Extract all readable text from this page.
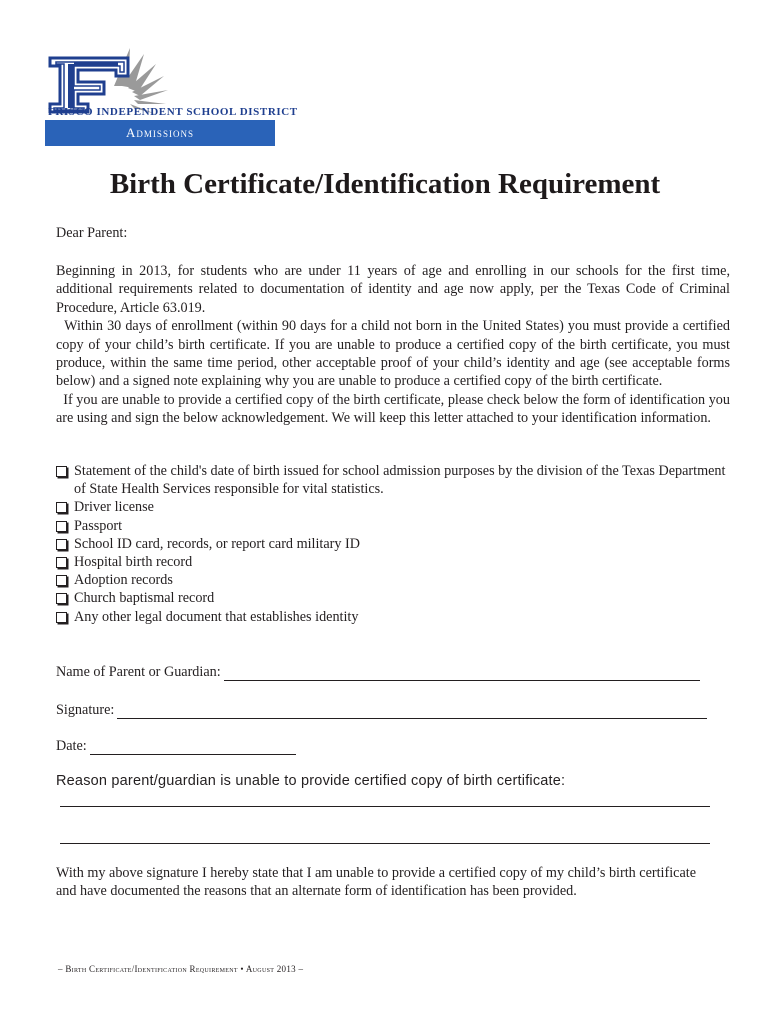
FRISCO INDEPENDENT SCHOOL DISTRICT
Admissions
Birth Certificate/Identification Requirement
Dear Parent:

Beginning in 2013, for students who are under 11 years of age and enrolling in our schools for the first time, additional requirements related to documentation of identity and age now apply, per the Texas Code of Criminal Procedure, Article 63.019.

Within 30 days of enrollment (within 90 days for a child not born in the United States) you must provide a certified copy of your child’s birth certificate. If you are unable to produce a certified copy of the birth certificate, you must produce, within the same time period, other acceptable proof of your child’s identity and age (see acceptable forms below) and a signed note explaining why you are unable to produce a certified copy of the birth certificate.

If you are unable to provide a certified copy of the birth certificate, please check below the form of identification you are using and sign the below acknowledgement. We will keep this letter attached to your identification information.

Statement of the child's date of birth issued for school admission purposes by the division of the Texas Department of State Health Services responsible for vital statistics.
Driver license
Passport
School ID card, records, or report card military ID
Hospital birth record
Adoption records
Church baptismal record
Any other legal document that establishes identity
Name of Parent or Guardian:
Signature:
Date:
Reason parent/guardian is unable to provide certified copy of birth certificate:
With my above signature I hereby state that I am unable to provide a certified copy of my child’s birth certificate and have documented the reasons that an alternate form of identification has been provided.
– Birth Certificate/Identification Requirement • August 2013 –
